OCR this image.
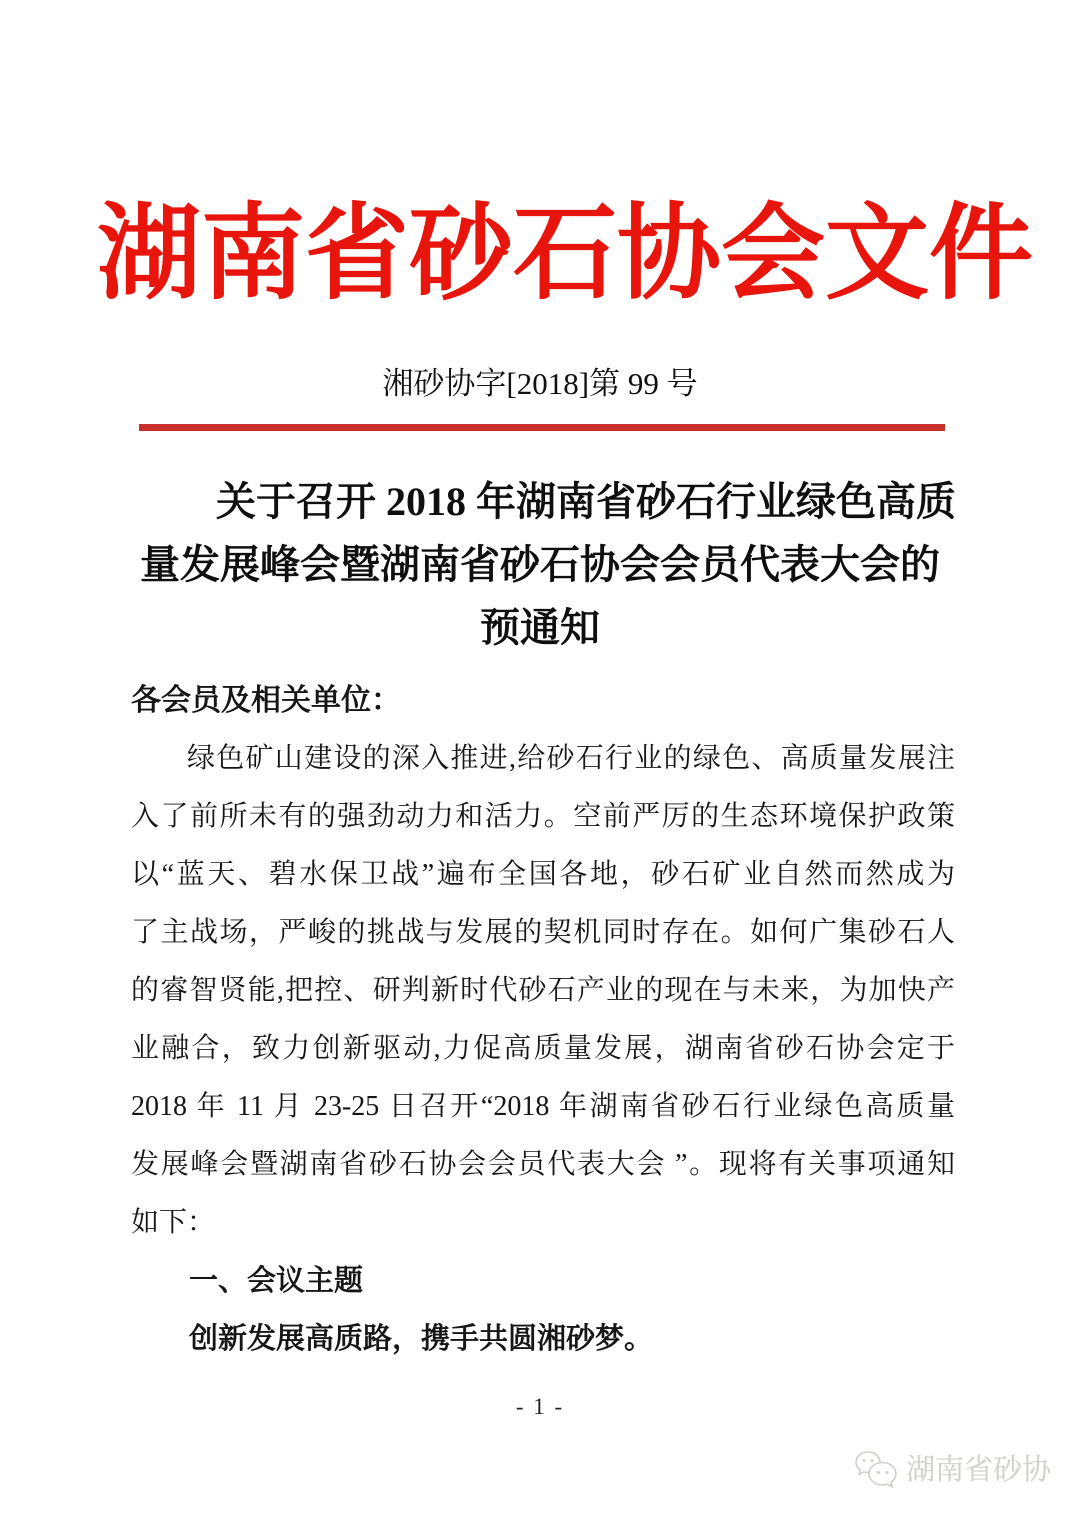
湖南省砂石协会文件
湘砂协字[2018]第 99 号
关于召开 2018 年湖南省砂石行业绿色高质
量发展峰会暨湖南省砂石协会会员代表大会的
预通知
各会员及相关单位：
绿色矿山建设的深入推进,给砂石行业的绿色、高质量发展注
入了前所未有的强劲动力和活力。空前严厉的生态环境保护政策
以“蓝天、碧水保卫战”遍布全国各地，砂石矿业自然而然成为
了主战场，严峻的挑战与发展的契机同时存在。如何广集砂石人
的睿智贤能,把控、研判新时代砂石产业的现在与未来，为加快产
业融合，致力创新驱动,力促高质量发展，湖南省砂石协会定于
2018 年 11 月 23-25 日召开“2018 年湖南省砂石行业绿色高质量
发展峰会暨湖南省砂石协会会员代表大会 ”。现将有关事项通知
如下：
一、会议主题
创新发展高质路，携手共圆湘砂梦。
- 1 -
湖南省砂协
